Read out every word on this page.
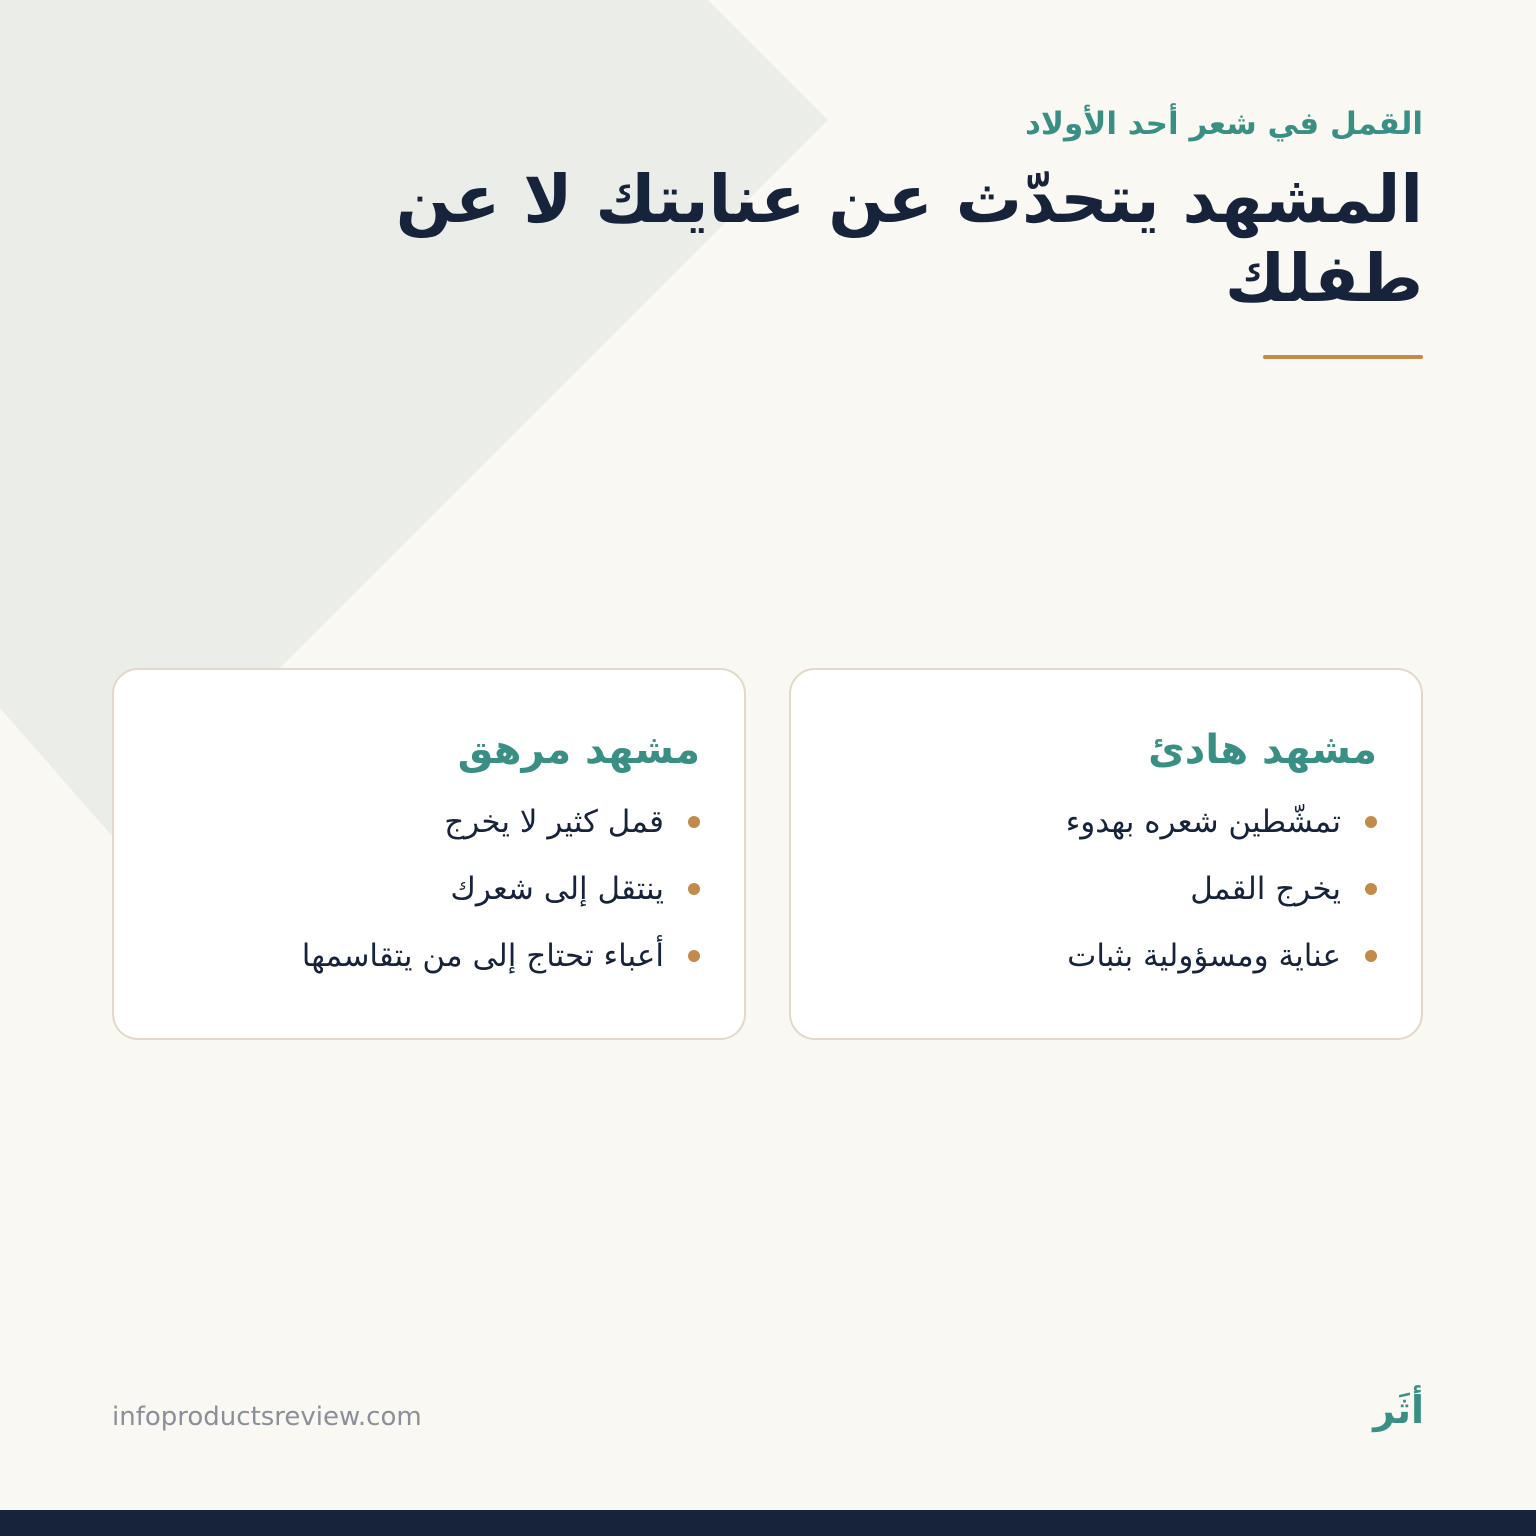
القمل في شعر أحد الأولاد
المشهد يتحدّث عن عنايتك لا عن طفلك
مشهد هادئ
تمشّطين شعره بهدوء
يخرج القمل
عناية ومسؤولية بثبات
مشهد مرهق
قمل كثير لا يخرج
ينتقل إلى شعرك
أعباء تحتاج إلى من يتقاسمها
infoproductsreview.com	أثَر
